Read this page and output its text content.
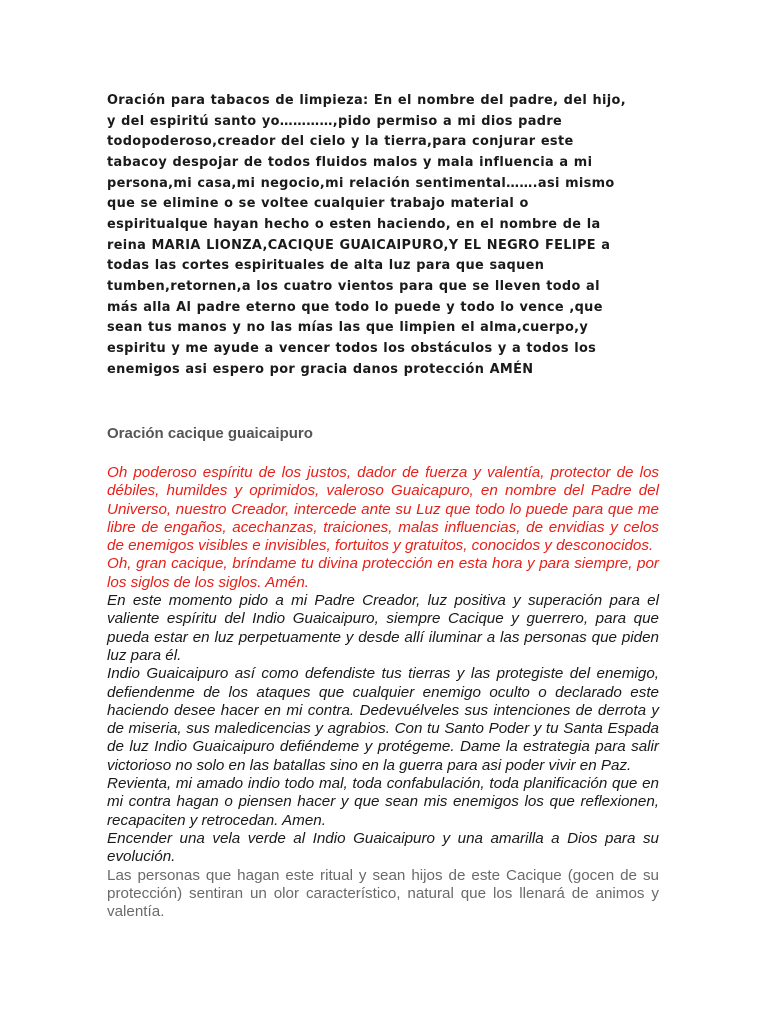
Oración para tabacos de limpieza: En el nombre del padre, del hijo, y del espiritú santo yo…………,pido permiso a mi dios padre todopoderoso,creador del cielo y la tierra,para conjurar este tabacoy despojar de todos fluidos malos y mala influencia a mi persona,mi casa,mi negocio,mi relación sentimental…….asi mismo que se elimine o se voltee cualquier trabajo material o espiritualque hayan hecho o esten haciendo, en el nombre de la reina MARIA LIONZA,CACIQUE GUAICAIPURO,Y EL NEGRO FELIPE a todas las cortes espirituales de alta luz para que saquen tumben,retornen,a los cuatro vientos para que se lleven todo al más alla Al padre eterno que todo lo puede y todo lo vence ,que sean tus manos y no las mías las que limpien el alma,cuerpo,y espiritu y me ayude a vencer todos los obstáculos y a todos los enemigos asi espero por gracia danos protección AMÉN

Oración cacique guaicaipuro

Oh poderoso espíritu de los justos, dador de fuerza y valentía, protector de los débiles, humildes y oprimidos, valeroso Guaicapuro, en nombre del Padre del Universo, nuestro Creador, intercede ante su Luz que todo lo puede para que me libre de engaños, acechanzas, traiciones, malas influencias, de envidias y celos de enemigos visibles e invisibles, fortuitos y gratuitos, conocidos y desconocidos.

Oh, gran cacique, bríndame tu divina protección en esta hora y para siempre, por los siglos de los siglos. Amén.

En este momento pido a mi Padre Creador, luz positiva y superación para el valiente espíritu del Indio Guaicaipuro, siempre Cacique y guerrero, para que pueda estar en luz perpetuamente y desde allí iluminar a las personas que piden luz para él.

Indio Guaicaipuro así como defendiste tus tierras y las protegiste del enemigo, defiendenme de los ataques que cualquier enemigo oculto o declarado este haciendo desee hacer en mi contra. Dedevuélveles sus intenciones de derrota y de miseria, sus maledicencias y agrabios. Con tu Santo Poder y tu Santa Espada de luz Indio Guaicaipuro defiéndeme y protégeme. Dame la estrategia para salir victorioso no solo en las batallas sino en la guerra para asi poder vivir en Paz.

Revienta, mi amado indio todo mal, toda confabulación, toda planificación que en mi contra hagan o piensen hacer y que sean mis enemigos los que reflexionen, recapaciten y retrocedan. Amen.

Encender una vela verde al Indio Guaicaipuro y una amarilla a Dios para su evolución.

Las personas que hagan este ritual y sean hijos de este Cacique (gocen de su protección) sentiran un olor característico, natural que los llenará de animos y valentía.
